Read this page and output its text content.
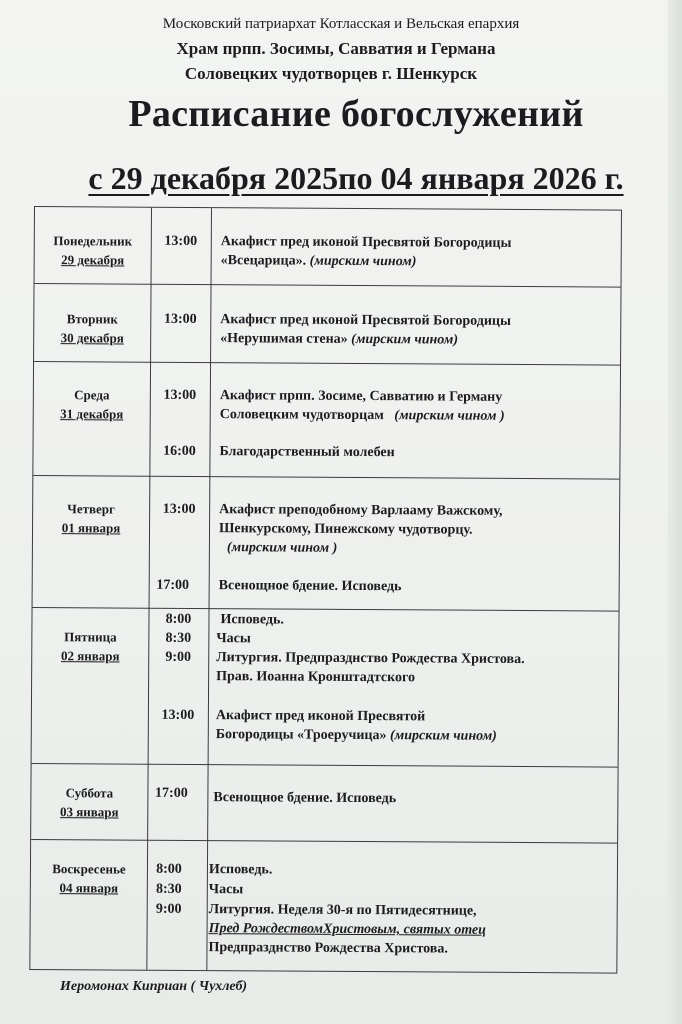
Московский патриархат Котласская и Вельская епархия
Храм прпп. Зосимы, Савватия и Германа
Соловецких чудотворцев г. Шенкурск
Расписание богослужений
с 29 декабря 2025по 04 января 2026 г.
Понедельник
29 декабря
13:00	Акафист пред иконой Пресвятой Богородицы
«Всецарица». (мирским чином)
Вторник
30 декабря
13:00	Акафист пред иконой Пресвятой Богородицы
«Нерушимая стена» (мирским чином)
Среда
31 декабря
13:00	Акафист прпп. Зосиме, Савватию и Герману
Соловецким чудотворцам (мирским чином )
16:00	Благодарственный молебен
Четверг
01 января
13:00	Акафист преподобному Варлааму Важскому,
Шенкурскому, Пинежскому чудотворцу.
(мирским чином )
17:00	Всенощное бдение. Исповедь
Пятница
02 января
8:00	Исповедь.
8:30	Часы
9:00	Литургия. Предпразднство Рождества Христова.
Прав. Иоанна Кронштадтского
13:00	Акафист пред иконой Пресвятой
Богородицы «Троеручица» (мирским чином)
Суббота
03 января
17:00	Всенощное бдение. Исповедь
Воскресенье
04 января
8:00	Исповедь.
8:30	Часы
9:00	Литургия. Неделя 30-я по Пятидесятнице,
Пред РождествомХристовым, святых отец
Предпразднство Рождества Христова.
Иеромонах Киприан ( Чухлеб)
